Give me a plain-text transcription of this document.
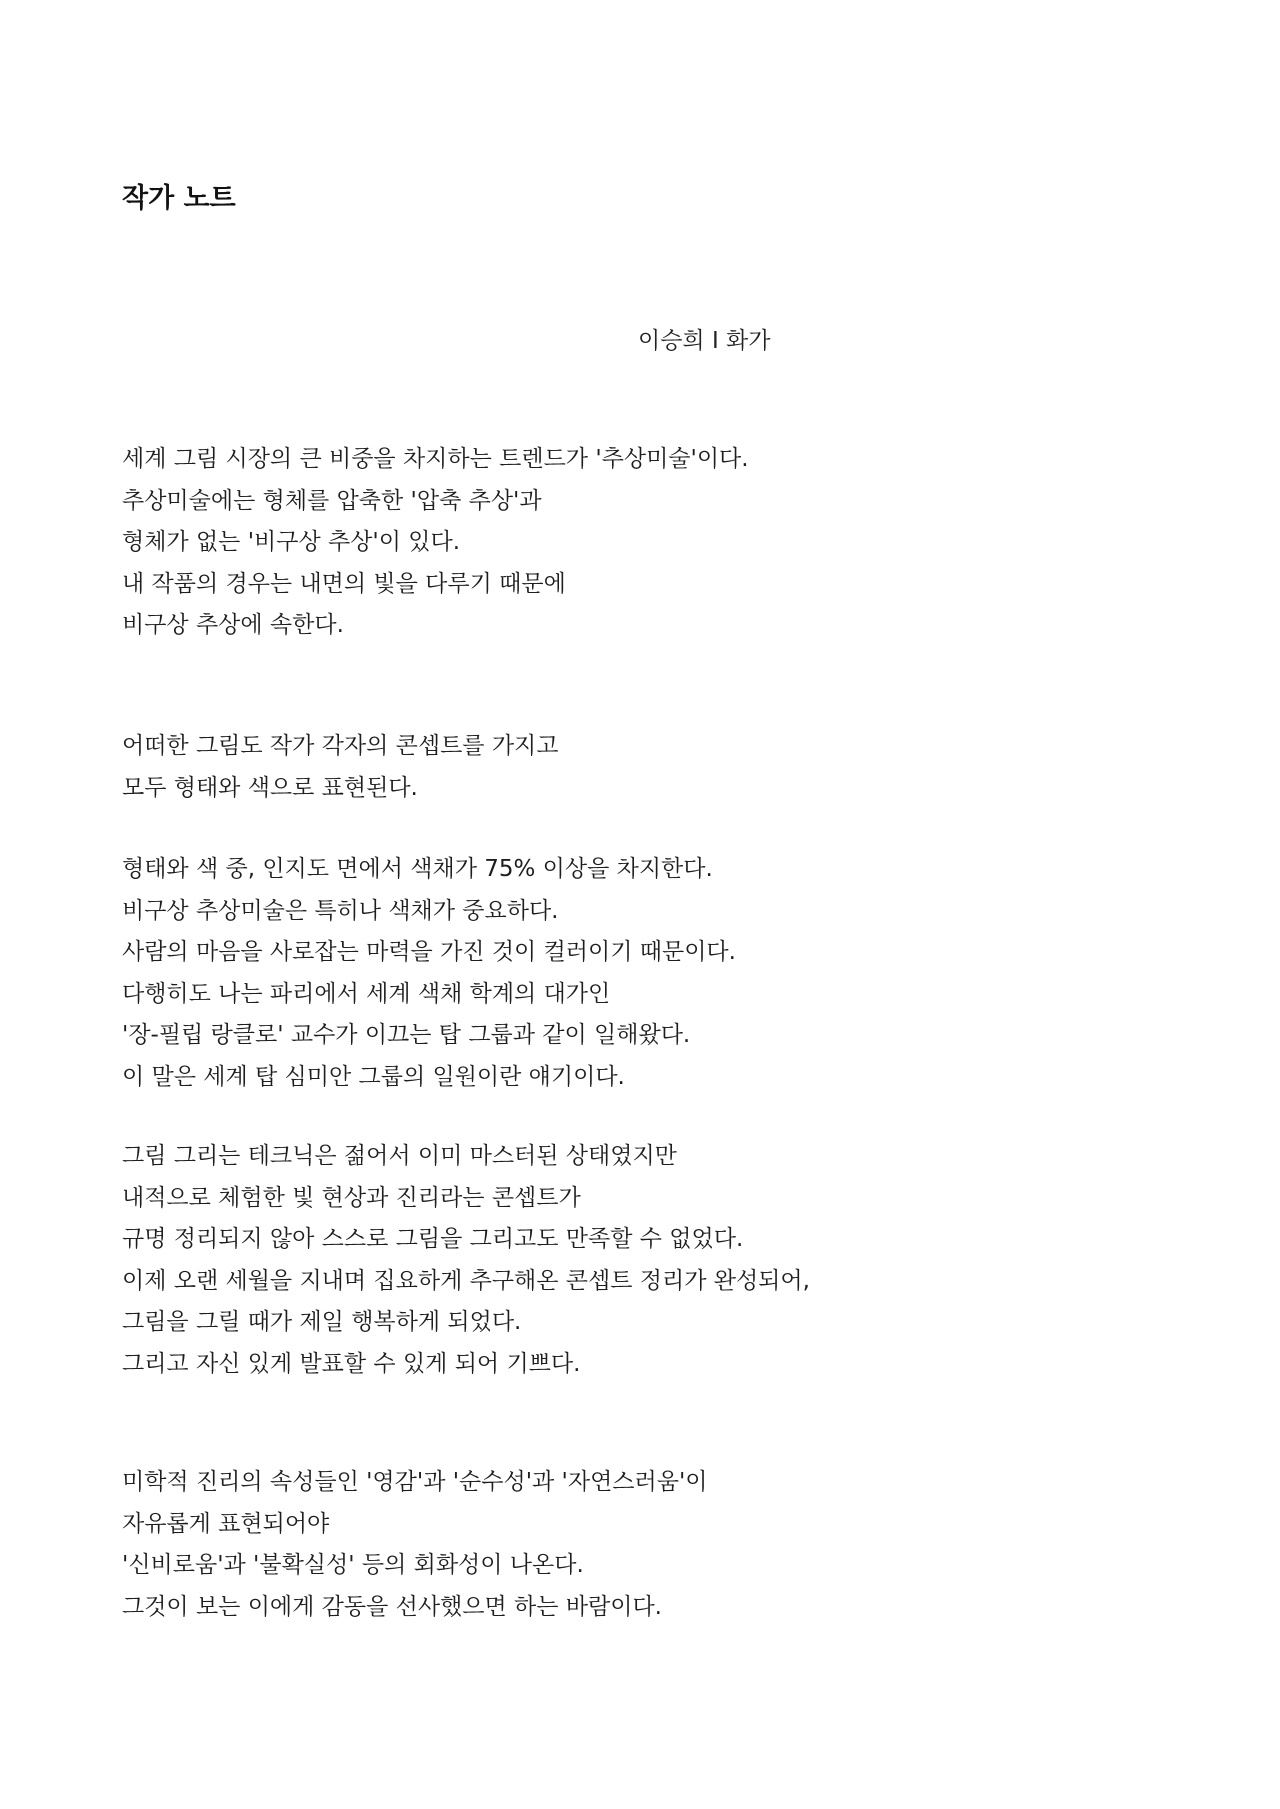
작가 노트
이승희 I 화가
세계 그림 시장의 큰 비중을 차지하는 트렌드가 '추상미술'이다.
추상미술에는 형체를 압축한 '압축 추상'과
형체가 없는 '비구상 추상'이 있다.
내 작품의 경우는 내면의 빛을 다루기 때문에
비구상 추상에 속한다.
어떠한 그림도 작가 각자의 콘셉트를 가지고
모두 형태와 색으로 표현된다.
형태와 색 중, 인지도 면에서 색채가 75% 이상을 차지한다.
비구상 추상미술은 특히나 색채가 중요하다.
사람의 마음을 사로잡는 마력을 가진 것이 컬러이기 때문이다.
다행히도 나는 파리에서 세계 색채 학계의 대가인
'장-필립 랑클로' 교수가 이끄는 탑 그룹과 같이 일해왔다.
이 말은 세계 탑 심미안 그룹의 일원이란 얘기이다.
그림 그리는 테크닉은 젊어서 이미 마스터된 상태였지만
내적으로 체험한 빛 현상과 진리라는 콘셉트가
규명 정리되지 않아 스스로 그림을 그리고도 만족할 수 없었다.
이제 오랜 세월을 지내며 집요하게 추구해온 콘셉트 정리가 완성되어,
그림을 그릴 때가 제일 행복하게 되었다.
그리고 자신 있게 발표할 수 있게 되어 기쁘다.
미학적 진리의 속성들인 '영감'과 '순수성'과 '자연스러움'이
자유롭게 표현되어야
'신비로움'과 '불확실성' 등의 회화성이 나온다.
그것이 보는 이에게 감동을 선사했으면 하는 바람이다.
